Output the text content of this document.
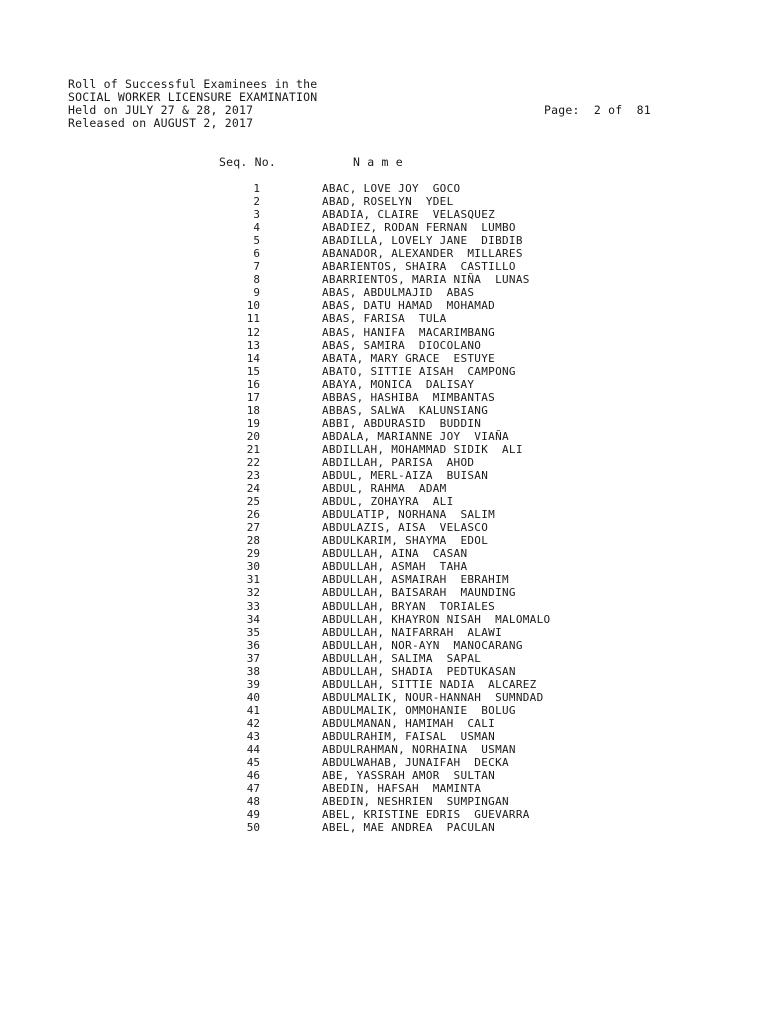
Roll of Successful Examinees in the
SOCIAL WORKER LICENSURE EXAMINATION
Held on JULY 27 & 28, 2017
Released on AUGUST 2, 2017
Page:  2 of  81
Seq. No.	N a m e
1	ABAC, LOVE JOY  GOCO
2	ABAD, ROSELYN  YDEL
3	ABADIA, CLAIRE  VELASQUEZ
4	ABADIEZ, RODAN FERNAN  LUMBO
5	ABADILLA, LOVELY JANE  DIBDIB
6	ABANADOR, ALEXANDER  MILLARES
7	ABARIENTOS, SHAIRA  CASTILLO
8	ABARRIENTOS, MARIA NIÑA  LUNAS
9	ABAS, ABDULMAJID  ABAS
10	ABAS, DATU HAMAD  MOHAMAD
11	ABAS, FARISA  TULA
12	ABAS, HANIFA  MACARIMBANG
13	ABAS, SAMIRA  DIOCOLANO
14	ABATA, MARY GRACE  ESTUYE
15	ABATO, SITTIE AISAH  CAMPONG
16	ABAYA, MONICA  DALISAY
17	ABBAS, HASHIBA  MIMBANTAS
18	ABBAS, SALWA  KALUNSIANG
19	ABBI, ABDURASID  BUDDIN
20	ABDALA, MARIANNE JOY  VIAÑA
21	ABDILLAH, MOHAMMAD SIDIK  ALI
22	ABDILLAH, PARISA  AHOD
23	ABDUL, MERL-AIZA  BUISAN
24	ABDUL, RAHMA  ADAM
25	ABDUL, ZOHAYRA  ALI
26	ABDULATIP, NORHANA  SALIM
27	ABDULAZIS, AISA  VELASCO
28	ABDULKARIM, SHAYMA  EDOL
29	ABDULLAH, AINA  CASAN
30	ABDULLAH, ASMAH  TAHA
31	ABDULLAH, ASMAIRAH  EBRAHIM
32	ABDULLAH, BAISARAH  MAUNDING
33	ABDULLAH, BRYAN  TORIALES
34	ABDULLAH, KHAYRON NISAH  MALOMALO
35	ABDULLAH, NAIFARRAH  ALAWI
36	ABDULLAH, NOR-AYN  MANOCARANG
37	ABDULLAH, SALIMA  SAPAL
38	ABDULLAH, SHADIA  PEDTUKASAN
39	ABDULLAH, SITTIE NADIA  ALCAREZ
40	ABDULMALIK, NOUR-HANNAH  SUMNDAD
41	ABDULMALIK, OMMOHANIE  BOLUG
42	ABDULMANAN, HAMIMAH  CALI
43	ABDULRAHIM, FAISAL  USMAN
44	ABDULRAHMAN, NORHAINA  USMAN
45	ABDULWAHAB, JUNAIFAH  DECKA
46	ABE, YASSRAH AMOR  SULTAN
47	ABEDIN, HAFSAH  MAMINTA
48	ABEDIN, NESHRIEN  SUMPINGAN
49	ABEL, KRISTINE EDRIS  GUEVARRA
50	ABEL, MAE ANDREA  PACULAN
